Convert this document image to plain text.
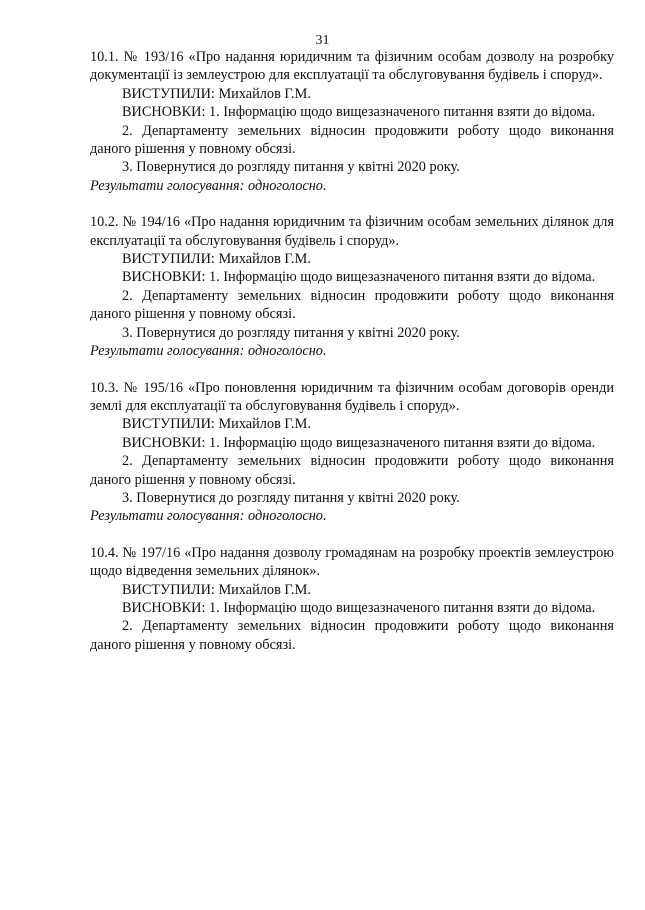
31

10.1. № 193/16 «Про надання юридичним та фізичним особам дозволу на розробку документації із землеустрою для експлуатації та обслуговування будівель і споруд».

ВИСТУПИЛИ: Михайлов Г.М.

ВИСНОВКИ: 1. Інформацію щодо вищезазначеного питання взяти до відома.

2. Департаменту земельних відносин продовжити роботу щодо виконання даного рішення у повному обсязі.

3. Повернутися до розгляду питання у квітні 2020 року.

Результати голосування: одноголосно.

10.2. № 194/16 «Про надання юридичним та фізичним особам земельних ділянок для експлуатації та обслуговування будівель і споруд».

ВИСТУПИЛИ: Михайлов Г.М.

ВИСНОВКИ: 1. Інформацію щодо вищезазначеного питання взяти до відома.

2. Департаменту земельних відносин продовжити роботу щодо виконання даного рішення у повному обсязі.

3. Повернутися до розгляду питання у квітні 2020 року.

Результати голосування: одноголосно.

10.3. № 195/16 «Про поновлення юридичним та фізичним особам договорів оренди землі для експлуатації та обслуговування будівель і споруд».

ВИСТУПИЛИ: Михайлов Г.М.

ВИСНОВКИ: 1. Інформацію щодо вищезазначеного питання взяти до відома.

2. Департаменту земельних відносин продовжити роботу щодо виконання даного рішення у повному обсязі.

3. Повернутися до розгляду питання у квітні 2020 року.

Результати голосування: одноголосно.

10.4. № 197/16 «Про надання дозволу громадянам на розробку проектів землеустрою щодо відведення земельних ділянок».

ВИСТУПИЛИ: Михайлов Г.М.

ВИСНОВКИ: 1. Інформацію щодо вищезазначеного питання взяти до відома.

2. Департаменту земельних відносин продовжити роботу щодо виконання даного рішення у повному обсязі.
